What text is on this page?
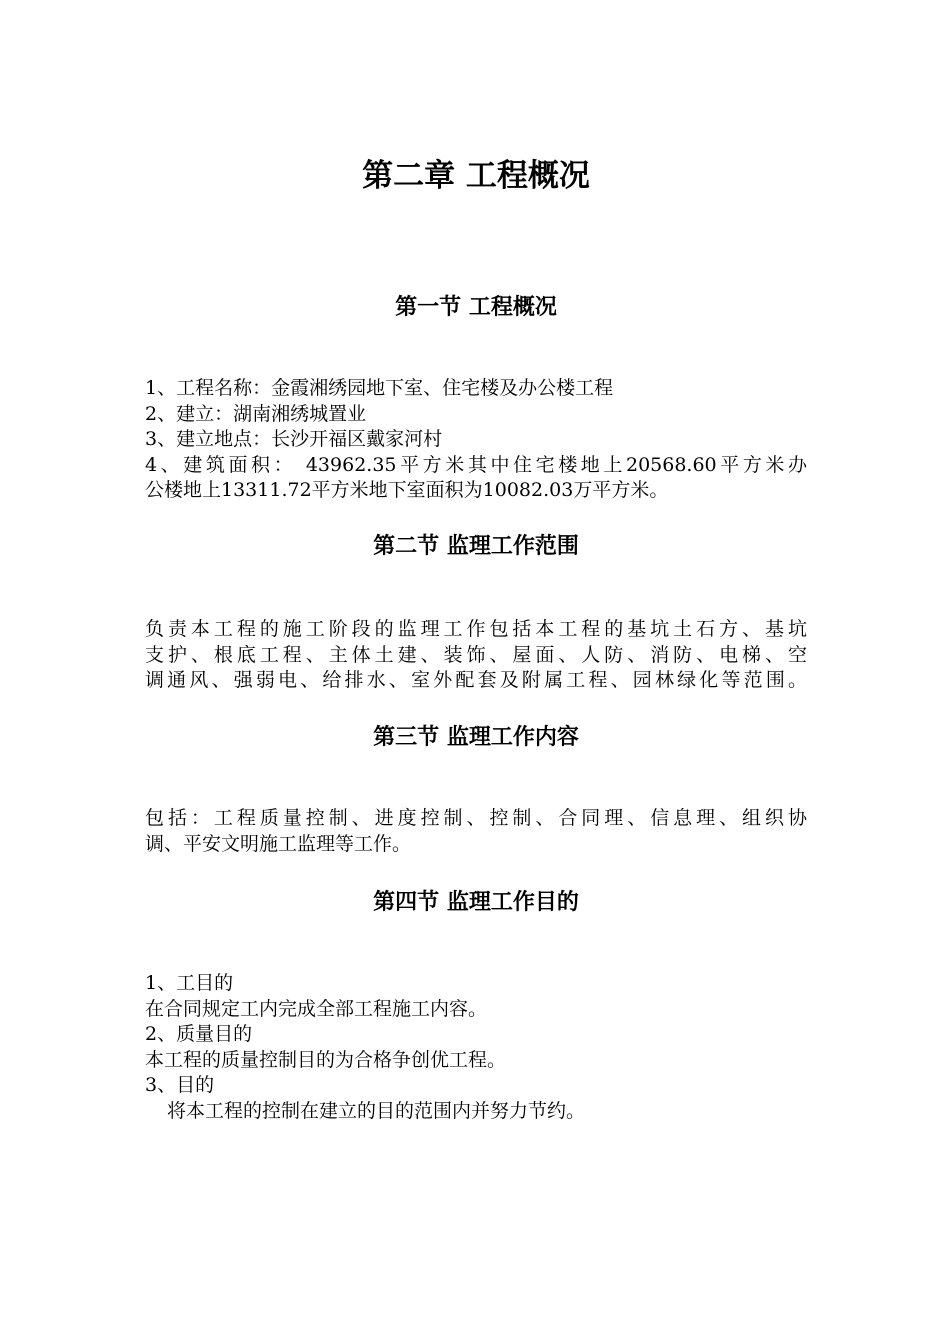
第二章 工程概况
第一节 工程概况
1、工程名称：金霞湘绣园地下室、住宅楼及办公楼工程
2、建立：湖南湘绣城置业
3、建立地点：长沙开福区戴家河村
4、建筑面积： 43962.35平方米其中住宅楼地上20568.60平方米办
公楼地上13311.72平方米地下室面积为10082.03万平方米。
第二节 监理工作范围
负责本工程的施工阶段的监理工作包括本工程的基坑土石方、基坑
支护、根底工程、主体土建、装饰、屋面、人防、消防、电梯、空
调通风、强弱电、给排水、室外配套及附属工程、园林绿化等范围。
第三节 监理工作内容
包括：工程质量控制、进度控制、控制、合同理、信息理、组织协
调、平安文明施工监理等工作。
第四节 监理工作目的
1、工目的
在合同规定工内完成全部工程施工内容。
2、质量目的
本工程的质量控制目的为合格争创优工程。
3、目的
将本工程的控制在建立的目的范围内并努力节约。
